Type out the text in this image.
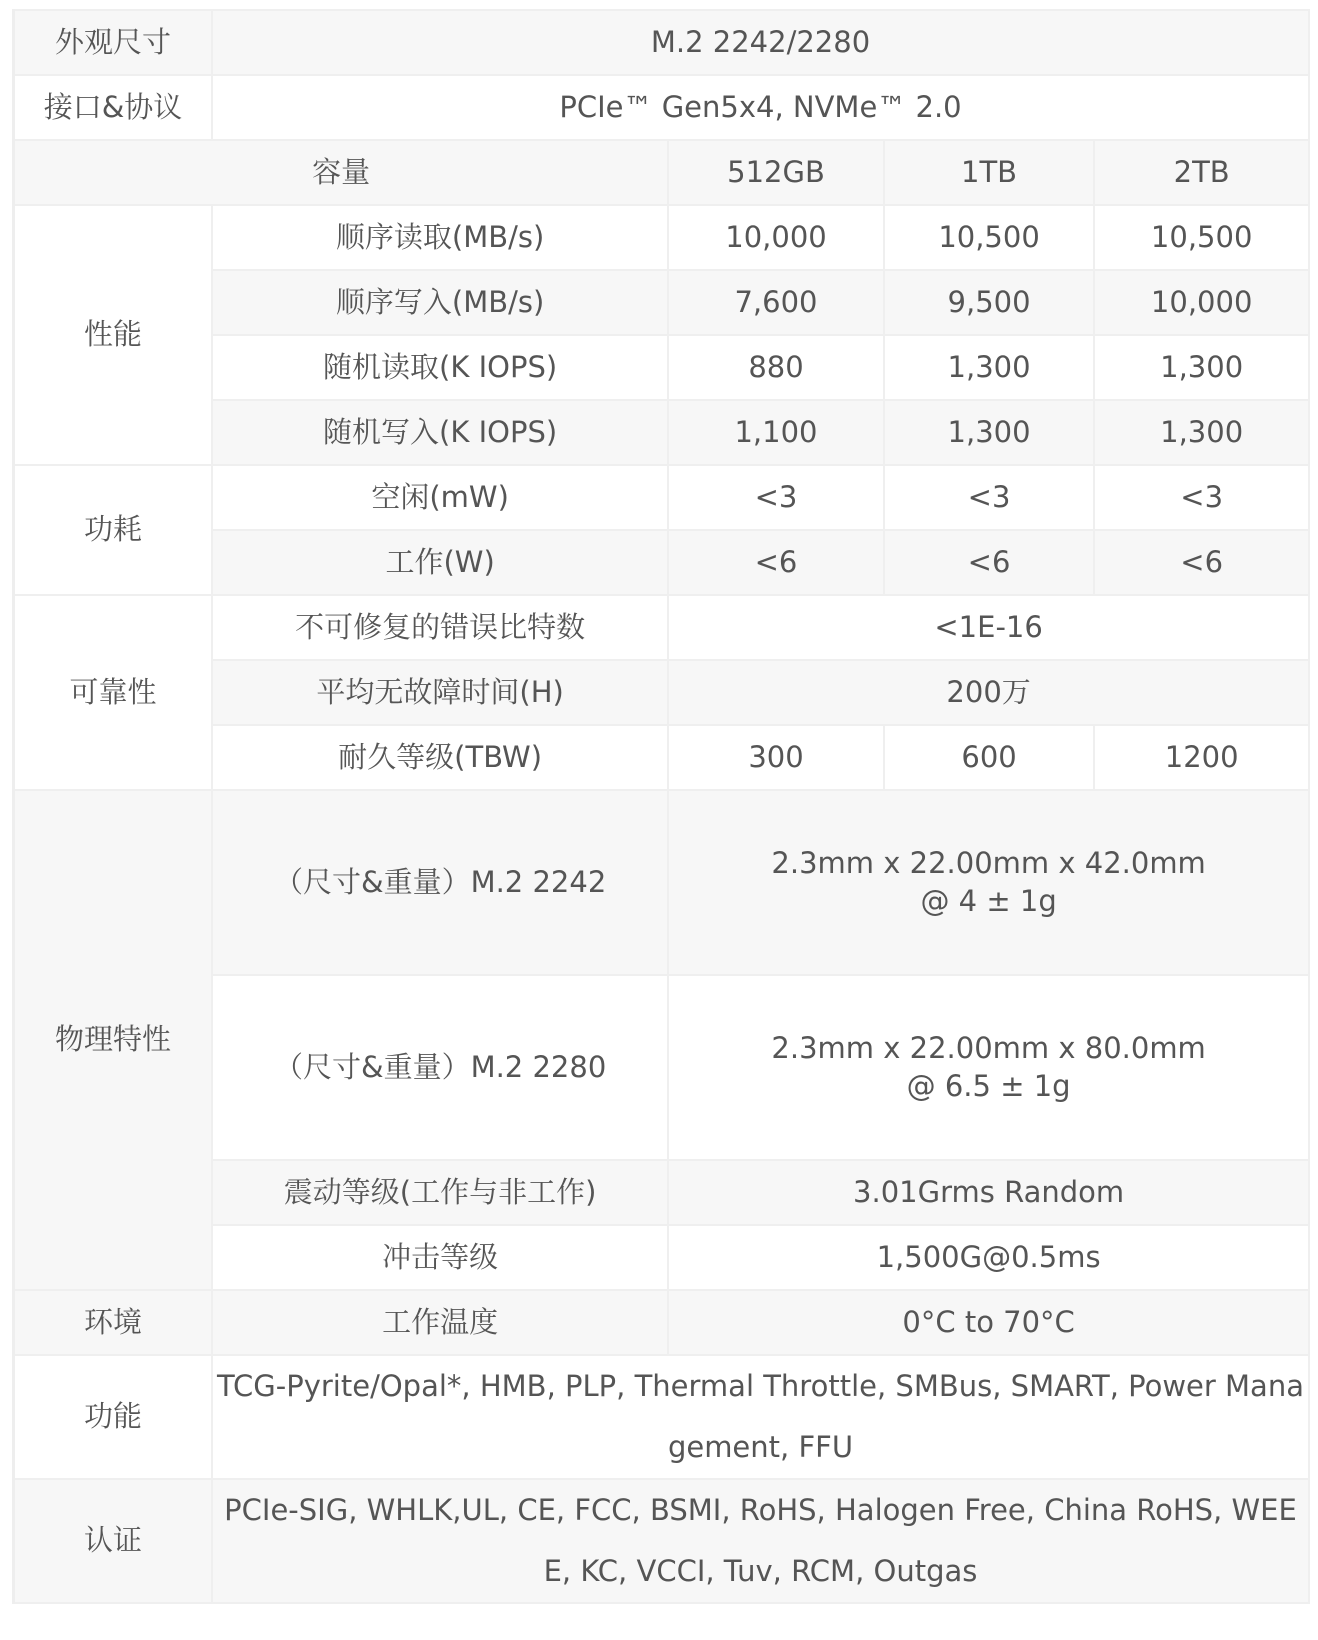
外观尺寸	M.2 2242/2280			
接口&协议	PCIe™ Gen5x4, NVMe™ 2.0			
容量		512GB	1TB	2TB
性能	顺序读取(MB/s)	10,000	10,500	10,500
	顺序写入(MB/s)	7,600	9,500	10,000
	随机读取(K IOPS)	880	1,300	1,300
	随机写入(K IOPS)	1,100	1,300	1,300
功耗	空闲(mW)	<3	<3	<3
	工作(W)	<6	<6	<6
可靠性	不可修复的错误比特数	<1E-16		
	平均无故障时间(H)	200万		
	耐久等级(TBW)	300	600	1200
物理特性	（尺寸&重量）M.2 2242	2.3mm x 22.00mm x 42.0mm
@ 4 ± 1g		

	（尺寸&重量）M.2 2280	2.3mm x 22.00mm x 80.0mm
@ 6.5 ± 1g		

	震动等级(工作与非工作)	3.01Grms Random		
	冲击等级	1,500G@0.5ms		
环境	工作温度	0°C to 70°C		
功能	TCG-Pyrite/Opal*, HMB, PLP, Thermal Throttle, SMBus, SMART, Power Management, FFU			
认证	PCIe-SIG, WHLK,UL, CE, FCC, BSMI, RoHS, Halogen Free, China RoHS, WEEE, KC, VCCI, Tuv, RCM, Outgas			
